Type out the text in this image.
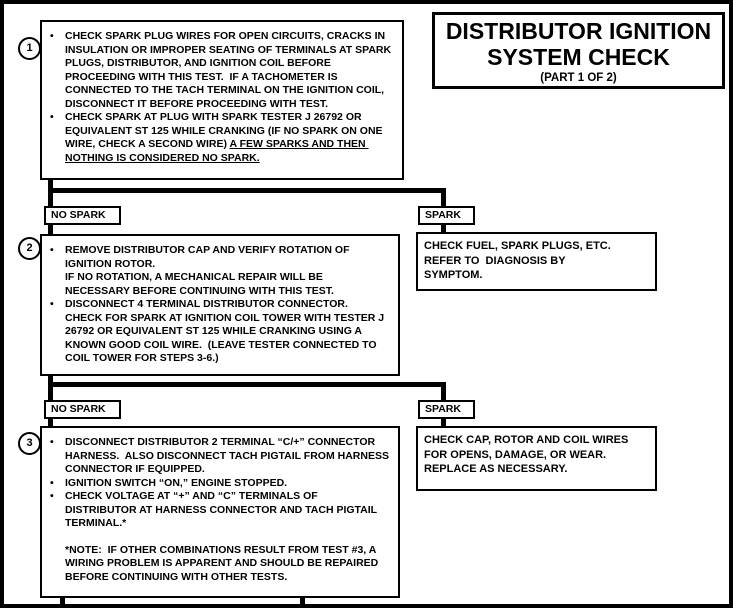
DISTRIBUTOR IGNITION
SYSTEM CHECK
(PART 1 OF 2)
1
2
3
•	CHECK SPARK PLUG WIRES FOR OPEN CIRCUITS, CRACKS IN INSULATION OR IMPROPER SEATING OF TERMINALS AT SPARK PLUGS, DISTRIBUTOR, AND IGNITION COIL BEFORE PROCEEDING WITH THIS TEST.  IF A TACHOMETER IS CONNECTED TO THE TACH TERMINAL ON THE IGNITION COIL, DISCONNECT IT BEFORE PROCEEDING WITH TEST.
•	CHECK SPARK AT PLUG WITH SPARK TESTER J 26792 OR EQUIVALENT ST 125 WHILE CRANKING (IF NO SPARK ON ONE WIRE, CHECK A SECOND WIRE) A FEW SPARKS AND THEN NOTHING IS CONSIDERED NO SPARK.
NO SPARK	SPARK
•	REMOVE DISTRIBUTOR CAP AND VERIFY ROTATION OF IGNITION ROTOR.
IF NO ROTATION, A MECHANICAL REPAIR WILL BE NECESSARY BEFORE CONTINUING WITH THIS TEST.
•	DISCONNECT 4 TERMINAL DISTRIBUTOR CONNECTOR.  CHECK FOR SPARK AT IGNITION COIL TOWER WITH TESTER J 26792 OR EQUIVALENT ST 125 WHILE CRANKING USING A KNOWN GOOD COIL WIRE.  (LEAVE TESTER CONNECTED TO COIL TOWER FOR STEPS 3-6.)
CHECK FUEL, SPARK PLUGS, ETC.
REFER TO  DIAGNOSIS BY
SYMPTOM.
NO SPARK	SPARK
•	DISCONNECT DISTRIBUTOR 2 TERMINAL “C/+” CONNECTOR HARNESS.  ALSO DISCONNECT TACH PIGTAIL FROM HARNESS CONNECTOR IF EQUIPPED.
•	IGNITION SWITCH “ON,” ENGINE STOPPED.
•	CHECK VOLTAGE AT “+” AND “C” TERMINALS OF DISTRIBUTOR AT HARNESS CONNECTOR AND TACH PIGTAIL TERMINAL.*
*NOTE:  IF OTHER COMBINATIONS RESULT FROM TEST #3, A WIRING PROBLEM IS APPARENT AND SHOULD BE REPAIRED BEFORE CONTINUING WITH OTHER TESTS.
CHECK CAP, ROTOR AND COIL WIRES
FOR OPENS, DAMAGE, OR WEAR.
REPLACE AS NECESSARY.
